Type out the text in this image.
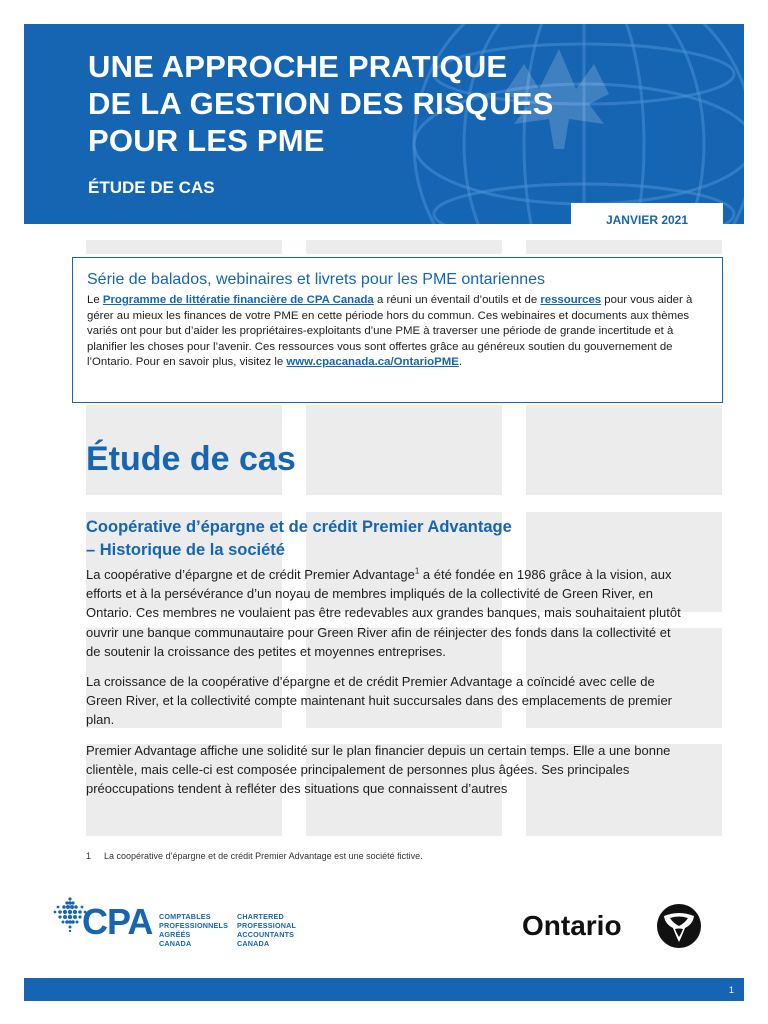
UNE APPROCHE PRATIQUE
DE LA GESTION DES RISQUES
POUR LES PME
ÉTUDE DE CAS
JANVIER 2021
Série de balados, webinaires et livrets pour les PME ontariennes
Le Programme de littératie financière de CPA Canada a réuni un éventail d’outils et de ressources pour vous aider à gérer au mieux les finances de votre PME en cette période hors du commun. Ces webinaires et documents aux thèmes variés ont pour but d’aider les propriétaires-exploitants d’une PME à traverser une période de grande incertitude et à planifier les choses pour l’avenir. Ces ressources vous sont offertes grâce au généreux soutien du gouvernement de l’Ontario. Pour en savoir plus, visitez le www.cpacanada.ca/OntarioPME.
Étude de cas
Coopérative d’épargne et de crédit Premier Advantage
– Historique de la société

La coopérative d’épargne et de crédit Premier Advantage$^1$ a été fondée en 1986 grâce à la vision, aux efforts et à la persévérance d’un noyau de membres impliqués de la collectivité de Green River, en Ontario. Ces membres ne voulaient pas être redevables aux grandes banques, mais souhaitaient plutôt ouvrir une banque communautaire pour Green River afin de réinjecter des fonds dans la collectivité et de soutenir la croissance des petites et moyennes entreprises.

La croissance de la coopérative d’épargne et de crédit Premier Advantage a coïncidé avec celle de Green River, et la collectivité compte maintenant huit succursales dans des emplacements de premier plan.

Premier Advantage affiche une solidité sur le plan financier depuis un certain temps. Elle a une bonne clientèle, mais celle-ci est composée principalement de personnes plus âgées. Ses principales préoccupations tendent à refléter des situations que connaissent d’autres

1 La coopérative d’épargne et de crédit Premier Advantage est une société fictive.
CPA COMPTABLES
PROFESSIONNELS
AGRÉÉS
CANADA
CHARTERED
PROFESSIONAL
ACCOUNTANTS
CANADA
Ontario
1
